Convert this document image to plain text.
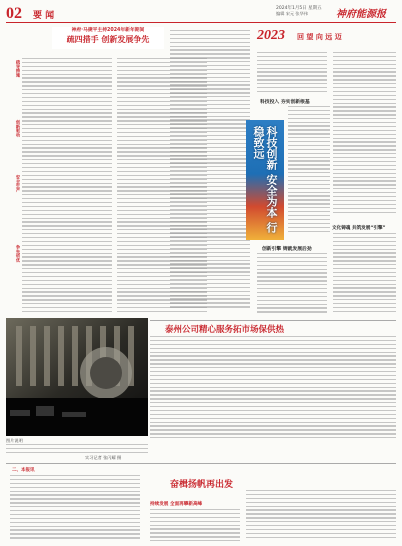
02 要 闻
2024年1月5日 星期五
编辑 宋元 张华伟	神府能源报
神府·马捷平主持2024年新年期间
疏四措手 创新发展争先
疏导措施
创新驱动
安全生产
争先创优
2023 回 望 向 远 迈
科技创新 安全为本 行稳致远
科技投入 夯实创新根基
创新引擎 铸就发展后劲
文化铸魂 共筑发展“引擎”
泰州公司精心服务拓市场保供热
图片说明
实习记者 张闪耀 摄
二、本报讯
奋楫扬帆再出发
持续发展 全面再攀新高峰
